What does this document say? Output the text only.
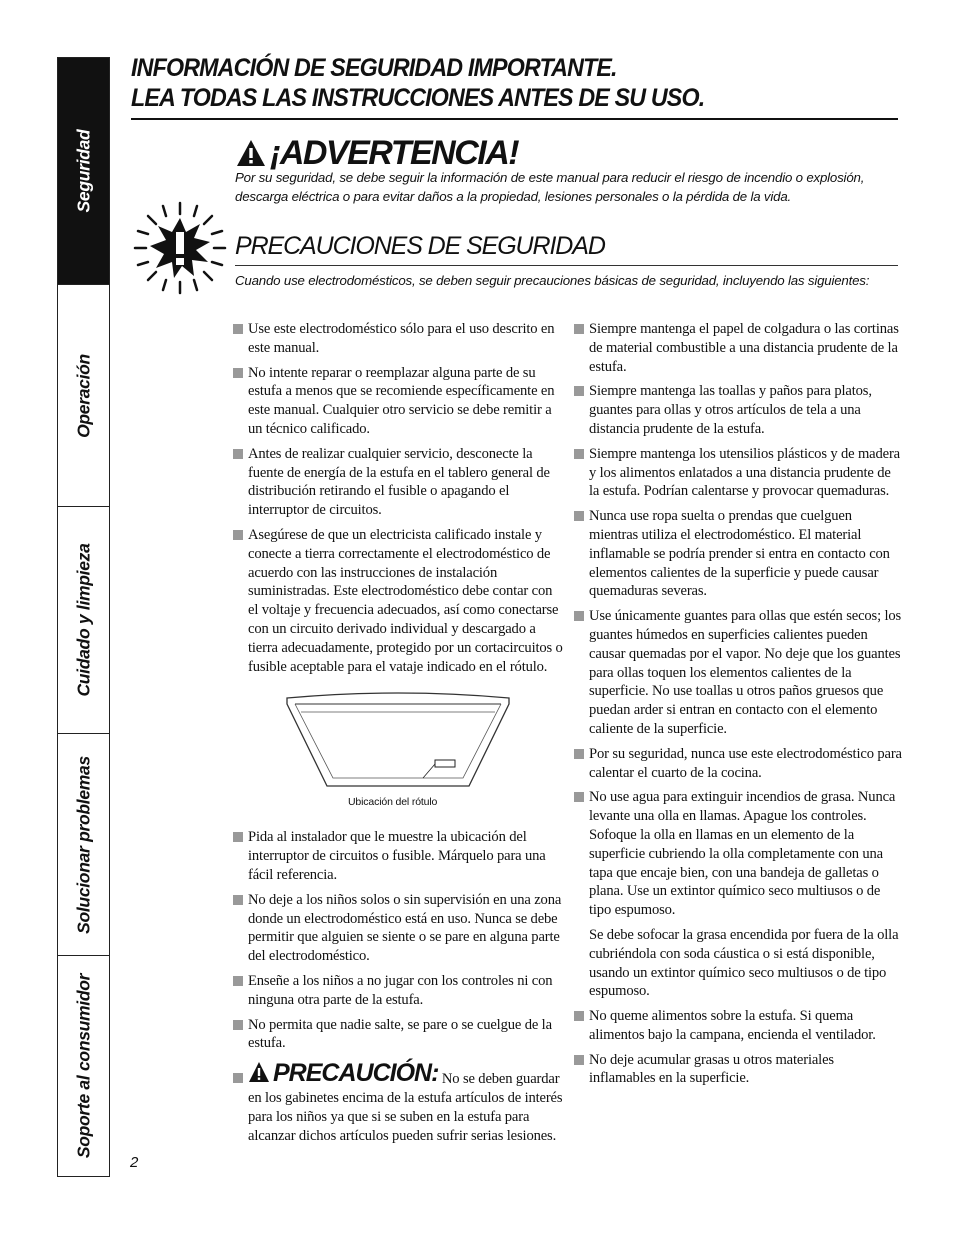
Seguridad
Operación
Cuidado y limpieza
Solucionar problemas
Soporte al consumidor
INFORMACIÓN DE SEGURIDAD IMPORTANTE.
LEA TODAS LAS INSTRUCCIONES ANTES DE SU USO.
¡ADVERTENCIA!
Por su seguridad, se debe seguir la información de este manual para reducir el riesgo de incendio o explosión, descarga eléctrica o para evitar daños a la propiedad, lesiones personales o la pérdida de la vida.
PRECAUCIONES DE SEGURIDAD
Cuando use electrodomésticos, se deben seguir precauciones básicas de seguridad, incluyendo las siguientes:

Use este electrodoméstico sólo para el uso descrito en este manual.

No intente reparar o reemplazar alguna parte de su estufa a menos que se recomiende específicamente en este manual. Cualquier otro servicio se debe remitir a un técnico calificado.

Antes de realizar cualquier servicio, desconecte la fuente de energía de la estufa en el tablero general de distribución retirando el fusible o apagando el interruptor de circuitos.

Asegúrese de que un electricista calificado instale y conecte a tierra correctamente el electrodoméstico de acuerdo con las instrucciones de instalación suministradas. Este electrodoméstico debe contar con el voltaje y frecuencia adecuados, así como conectarse con un circuito derivado individual y descargado a tierra adecuadamente, protegido por un cortacircuitos o fusible aceptable para el vataje indicado en el rótulo.

Ubicación del rótulo

Pida al instalador que le muestre la ubicación del interruptor de circuitos o fusible. Márquelo para una fácil referencia.

No deje a los niños solos o sin supervisión en una zona donde un electrodoméstico está en uso. Nunca se debe permitir que alguien se siente o se pare en alguna parte del electrodoméstico.

Enseñe a los niños a no jugar con los controles ni con ninguna otra parte de la estufa.

No permita que nadie salte, se pare o se cuelgue de la estufa.

PRECAUCIÓN: No se deben guardar en los gabinetes encima de la estufa artículos de interés para los niños ya que si se suben en la estufa para alcanzar dichos artículos pueden sufrir serias lesiones.

Siempre mantenga el papel de colgadura o las cortinas de material combustible a una distancia prudente de la estufa.

Siempre mantenga las toallas y paños para platos, guantes para ollas y otros artículos de tela a una distancia prudente de la estufa.

Siempre mantenga los utensilios plásticos y de madera y los alimentos enlatados a una distancia prudente de la estufa. Podrían calentarse y provocar quemaduras.

Nunca use ropa suelta o prendas que cuelguen mientras utiliza el electrodoméstico. El material inflamable se podría prender si entra en contacto con elementos calientes de la superficie y puede causar quemaduras severas.

Use únicamente guantes para ollas que estén secos; los guantes húmedos en superficies calientes pueden causar quemadas por el vapor. No deje que los guantes para ollas toquen los elementos calientes de la superficie. No use toallas u otros paños gruesos que puedan arder si entran en contacto con el elemento caliente de la superficie.

Por su seguridad, nunca use este electrodoméstico para calentar el cuarto de la cocina.

No use agua para extinguir incendios de grasa. Nunca levante una olla en llamas. Apague los controles. Sofoque la olla en llamas en un elemento de la superficie cubriendo la olla completamente con una tapa que encaje bien, con una bandeja de galletas o plana. Use un extintor químico seco multiusos o de tipo espumoso.

Se debe sofocar la grasa encendida por fuera de la olla cubriéndola con soda cáustica o si está disponible, usando un extintor químico seco multiusos o de tipo espumoso.

No queme alimentos sobre la estufa. Si quema alimentos bajo la campana, encienda el ventilador.

No deje acumular grasas u otros materiales inflamables en la superficie.

2
